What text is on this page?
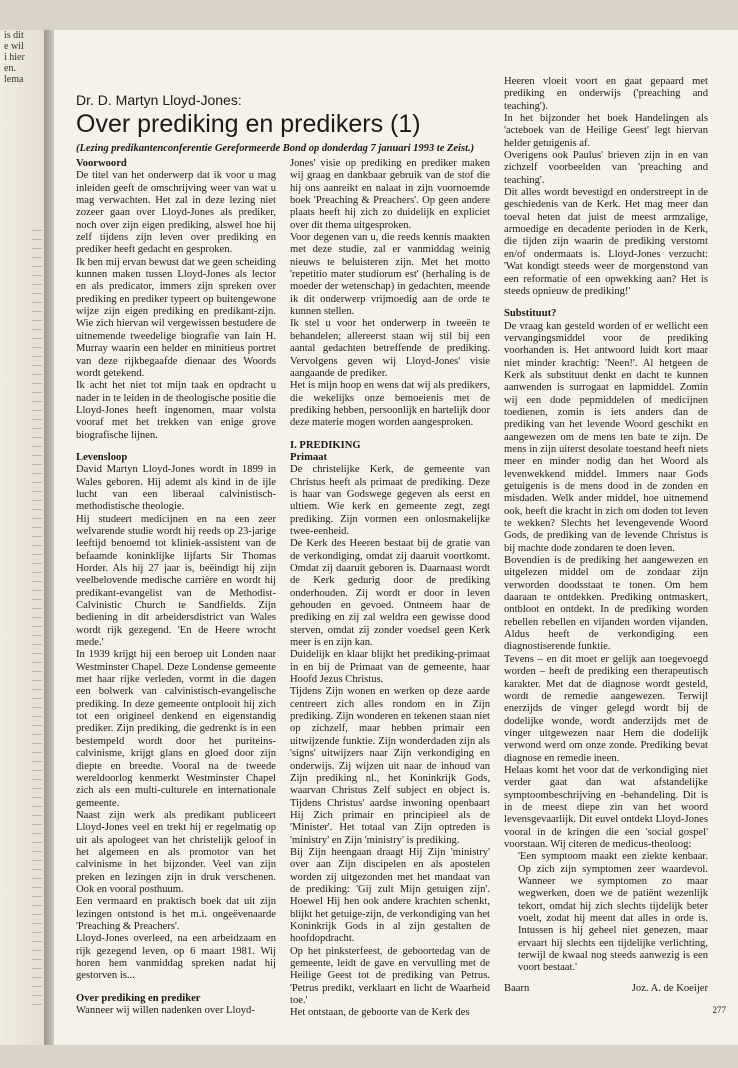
is dit
e wil
i hier
en.
lema

Dr. D. Martyn Lloyd-Jones:

Over prediking en predikers (1)

(Lezing predikantenconferentie Gereformeerde Bond op donderdag 7 januari 1993 te Zeist.)

Voorwoord

De titel van het onderwerp dat ik voor u mag inleiden geeft de omschrijving weer van wat u mag verwachten. Het zal in deze lezing niet zozeer gaan over Lloyd-Jones als prediker, noch over zijn eigen prediking, alswel hoe hij zelf tijdens zijn leven over prediking en prediker heeft gedacht en gesproken.

Ik ben mij ervan bewust dat we geen scheiding kunnen maken tussen Lloyd-Jones als lector en als predicator, immers zijn spreken over prediking en prediker typeert op buitengewone wijze zijn eigen prediking en predikant-zijn. Wie zich hiervan wil vergewissen bestudere de uitnemende tweedelige biografie van Iain H. Murray waarin een helder en minitieus portret van deze rijkbegaafde dienaar des Woords wordt getekend.

Ik acht het niet tot mijn taak en opdracht u nader in te leiden in de theologische positie die Lloyd-Jones heeft ingenomen, maar volsta vooraf met het trekken van enige grove biografische lijnen.

Levensloop

David Martyn Lloyd-Jones wordt in 1899 in Wales geboren. Hij ademt als kind in de ijle lucht van een liberaal calvinistisch-methodistische theologie.

Hij studeert medicijnen en na een zeer welvarende studie wordt hij reeds op 23-jarige leeftijd benoemd tot kliniek-assistent van de befaamde koninklijke lijfarts Sir Thomas Horder. Als hij 27 jaar is, beëindigt hij zijn veelbelovende medische carrière en wordt hij predikant-evangelist van de Methodist-Calvinistic Church te Sandfields. Zijn bediening in dit arbeidersdistrict van Wales wordt rijk gezegend. 'En de Heere wrocht mede.'

In 1939 krijgt hij een beroep uit Londen naar Westminster Chapel. Deze Londense gemeente met haar rijke verleden, vormt in die dagen een bolwerk van calvinistisch-evangelische prediking. In deze gemeente ontplooit hij zich tot een origineel denkend en eigenstandig prediker. Zijn prediking, die gedrenkt is in een bestempeld wordt door het puriteins-calvinisme, krijgt glans en gloed door zijn diepte en breedte. Vooral na de tweede wereldoorlog kenmerkt Westminster Chapel zich als een multi-culturele en internationale gemeente.

Naast zijn werk als predikant publiceert Lloyd-Jones veel en trekt hij er regelmatig op uit als apologeet van het christelijk geloof in het algemeen en als promotor van het calvinisme in het bijzonder. Veel van zijn preken en lezingen zijn in druk verschenen. Ook en vooral posthuum.

Een vermaard en praktisch boek dat uit zijn lezingen ontstond is het m.i. ongeëvenaarde 'Preaching & Preachers'.

Lloyd-Jones overleed, na een arbeidzaam en rijk gezegend leven, op 6 maart 1981. Wij horen hem vanmiddag spreken nadat hij gestorven is...

Over prediking en prediker

Wanneer wij willen nadenken over Lloyd-

Jones' visie op prediking en prediker maken wij graag en dankbaar gebruik van de stof die hij ons aanreikt en nalaat in zijn voornoemde boek 'Preaching & Preachers'. Op geen andere plaats heeft hij zich zo duidelijk en expliciet over dit thema uitgesproken.

Voor degenen van u, die reeds kennis maakten met deze studie, zal er vanmiddag weinig nieuws te beluisteren zijn. Met het motto 'repetitio mater studiorum est' (herhaling is de moeder der wetenschap) in gedachten, meende ik dit onderwerp vrijmoedig aan de orde te kunnen stellen.

Ik stel u voor het onderwerp in tweeën te behandelen; allereerst staan wij stil bij een aantal gedachten betreffende de prediking. Vervolgens geven wij Lloyd-Jones' visie aangaande de prediker.

Het is mijn hoop en wens dat wij als predikers, die wekelijks onze bemoeienis met de prediking hebben, persoonlijk en hartelijk door deze materie mogen worden aangesproken.

I. PREDIKING
Primaat

De christelijke Kerk, de gemeente van Christus heeft als primaat de prediking. Deze is haar van Godswege gegeven als eerst en ultiem. Wie kerk en gemeente zegt, zegt prediking. Zijn vormen een onlosmakelijke twee-eenheid.

De Kerk des Heeren bestaat bij de gratie van de verkondiging, omdat zij daaruit voortkomt. Omdat zij daaruit geboren is. Daarnaast wordt de Kerk gedurig door de prediking onderhouden. Zij wordt er door in leven gehouden en gevoed. Ontneem haar de prediking en zij zal weldra een gewisse dood sterven, omdat zij zonder voedsel geen Kerk meer is en zijn kan.

Duidelijk en klaar blijkt het prediking-primaat in en bij de Primaat van de gemeente, haar Hoofd Jezus Christus.

Tijdens Zijn wonen en werken op deze aarde centreert zich alles rondom en in Zijn prediking. Zijn wonderen en tekenen staan niet op zichzelf, maar hebben primair een uitwijzende funktie. Zijn wonderdaden zijn als 'signs' uitwijzers naar Zijn verkondiging en onderwijs. Zij wijzen uit naar de inhoud van Zijn prediking nl., het Koninkrijk Gods, waarvan Christus Zelf subject en object is. Tijdens Christus' aardse inwoning openbaart Hij Zich primair en principieel als de 'Minister'. Het totaal van Zijn optreden is 'ministry' en Zijn 'ministry' is prediking.

Bij Zijn heengaan draagt Hij Zijn 'ministry' over aan Zijn discipelen en als apostelen worden zij uitgezonden met het mandaat van de prediking: 'Gij zult Mijn getuigen zijn'. Hoewel Hij hen ook andere krachten schenkt, blijkt het getuige-zijn, de verkondiging van het Koninkrijk Gods in al zijn gestalten de hoofdopdracht.

Op het pinksterfeest, de geboortedag van de gemeente, leidt de gave en vervulling met de Heilige Geest tot de prediking van Petrus. 'Petrus predikt, verklaart en licht de Waarheid toe.'

Het ontstaan, de geboorte van de Kerk des

Heeren vloeit voort en gaat gepaard met prediking en onderwijs ('preaching and teaching').

In het bijzonder het boek Handelingen als 'acteboek van de Heilige Geest' legt hiervan helder getuigenis af.

Overigens ook Paulus' brieven zijn in en van zichzelf voorbeelden van 'preaching and teaching'.

Dit alles wordt bevestigd en onderstreept in de geschiedenis van de Kerk. Het mag meer dan toeval heten dat juist de meest armzalige, armoedige en decadente perioden in de Kerk, die tijden zijn waarin de prediking verstomt en/of ondermaats is. Lloyd-Jones verzucht: 'Wat kondigt steeds weer de morgenstond van een reformatie of een opwekking aan? Het is steeds opnieuw de prediking!'

Substituut?

De vraag kan gesteld worden of er wellicht een vervangingsmiddel voor de prediking voorhanden is. Het antwoord luidt kort maar niet minder krachtig: 'Neen!'. Al hetgeen de Kerk als substituut denkt en dacht te kunnen aanwenden is surrogaat en lapmiddel. Zomin wij een dode pepmiddelen of medicijnen toedienen, zomin is iets anders dan de prediking van het levende Woord geschikt en aangewezen om de mens ten bate te zijn. De mens in zijn uiterst desolate toestand heeft niets meer en minder nodig dan het Woord als levenwekkend middel. Immers naar Gods getuigenis is de mens dood in de zonden en misdaden. Welk ander middel, hoe uitnemend ook, heeft die kracht in zich om doden tot leven te wekken? Slechts het levengevende Woord Gods, de prediking van de levende Christus is bij machte dode zondaren te doen leven.

Bovendien is de prediking het aangewezen en uitgelezen middel om de zondaar zijn verworden doodsstaat te tonen. Om hem daaraan te ontdekken. Prediking ontmaskert, ontbloot en ontdekt. In de prediking worden rebellen rebellen en vijanden worden vijanden. Aldus heeft de verkondiging een diagnostiserende funktie.

Tevens – en dit moet er gelijk aan toegevoegd worden – heeft de prediking een therapeutisch karakter. Met dat de diagnose wordt gesteld, wordt de remedie aangewezen. Terwijl enerzijds de vinger gelegd wordt bij de dodelijke wonde, wordt anderzijds met de vinger uitgewezen naar Hem die dodelijk verwond werd om onze zonde. Prediking bevat diagnose en remedie ineen.

Helaas komt het voor dat de verkondiging niet verder gaat dan wat afstandelijke symptoombeschrijving en -behandeling. Dit is in de meest diepe zin van het woord levensgevaarlijk. Dit euvel ontdekt Lloyd-Jones vooral in de kringen die een 'social gospel' voorstaan. Wij citeren de medicus-theoloog:

'Een symptoom maakt een ziekte kenbaar. Op zich zijn symptomen zeer waardevol. Wanneer we symptomen zo maar wegwerken, doen we de patiënt wezenlijk tekort, omdat hij zich slechts tijdelijk beter voelt, zodat hij meent dat alles in orde is. Intussen is hij geheel niet genezen, maar ervaart hij slechts een tijdelijke verlichting, terwijl de kwaal nog steeds aanwezig is een voort bestaat.'

Baarn	Joz. A. de Koeijer
277
